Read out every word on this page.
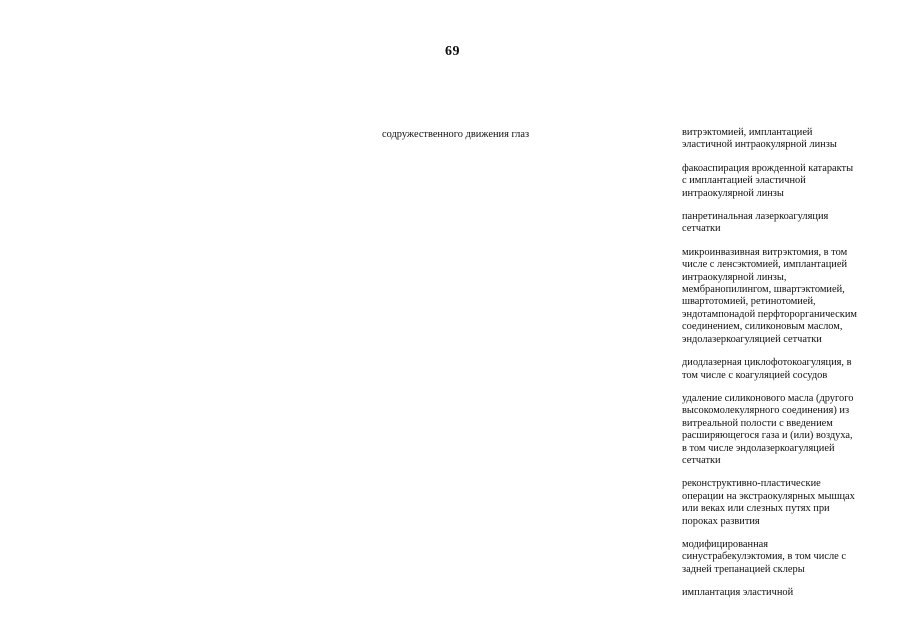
69
содружественного движения глаз	витрэктомией, имплантацией
эластичной интраокулярной линзы
факоаспирация врожденной катаракты
с имплантацией эластичной
интраокулярной линзы
панретинальная лазеркоагуляция
сетчатки
микроинвазивная витрэктомия, в том
числе с ленсэктомией, имплантацией
интраокулярной линзы,
мембранопилингом, швартэктомией,
швартотомией, ретинотомией,
эндотампонадой перфторорганическим
соединением, силиконовым маслом,
эндолазеркоагуляцией сетчатки
диодлазерная циклофотокоагуляция, в
том числе с коагуляцией сосудов
удаление силиконового масла (другого
высокомолекулярного соединения) из
витреальной полости с введением
расширяющегося газа и (или) воздуха,
в том числе эндолазеркоагуляцией
сетчатки
реконструктивно-пластические
операции на экстраокулярных мышцах
или веках или слезных путях при
пороках развития
модифицированная
синустрабекулэктомия, в том числе с
задней трепанацией склеры
имплантация эластичной
